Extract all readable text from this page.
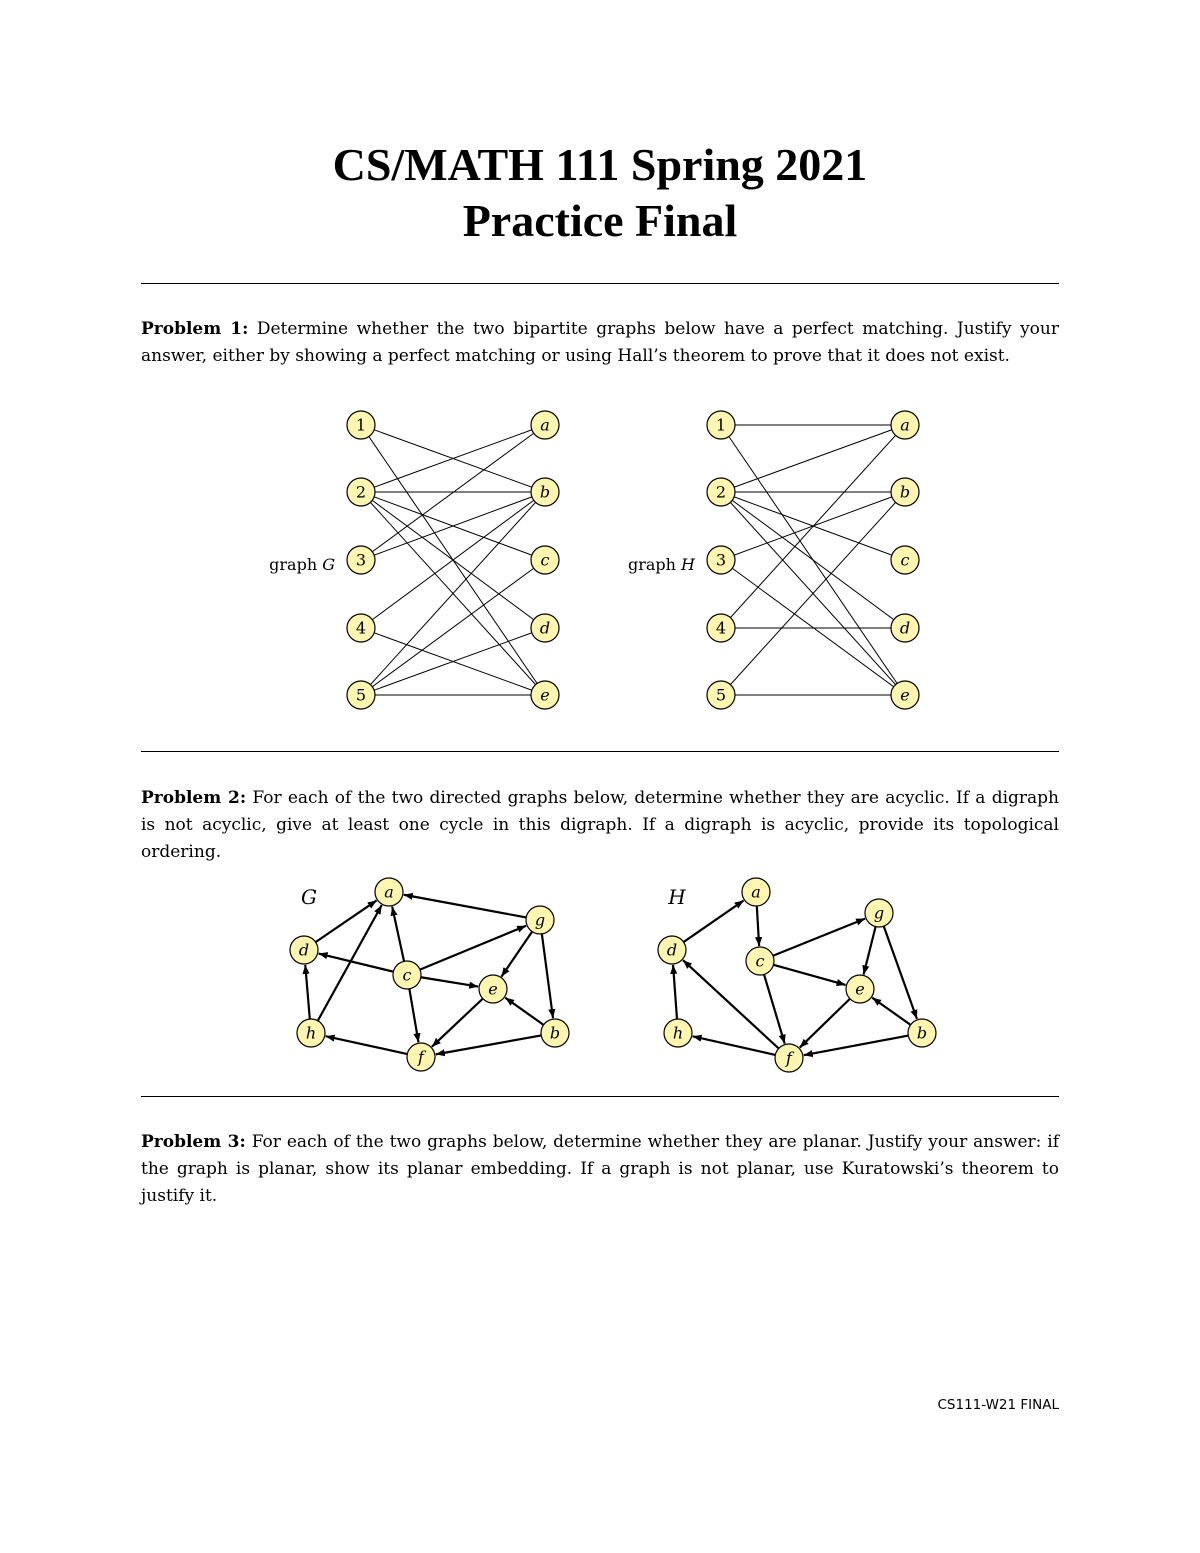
CS/MATH 111 Spring 2021
Practice Final
Problem 1: Determine whether the two bipartite graphs below have a perfect matching. Justify your answer, either by showing a perfect matching or using Hall’s theorem to prove that it does not exist.
1
2
3
4
5
a
b
c
d
e
graph G
1
2
3
4
5
a
b
c
d
e
graph H
Problem 2: For each of the two directed graphs below, determine whether they are acyclic. If a digraph is not acyclic, give at least one cycle in this digraph. If a digraph is acyclic, provide its topological ordering.
G	a
b
c
d
e
f
g
h
H	a
b
c
d
e
f
g
h
Problem 3: For each of the two graphs below, determine whether they are planar. Justify your answer: if the graph is planar, show its planar embedding. If a graph is not planar, use Kuratowski’s theorem to justify it.
CS111-W21 FINAL
